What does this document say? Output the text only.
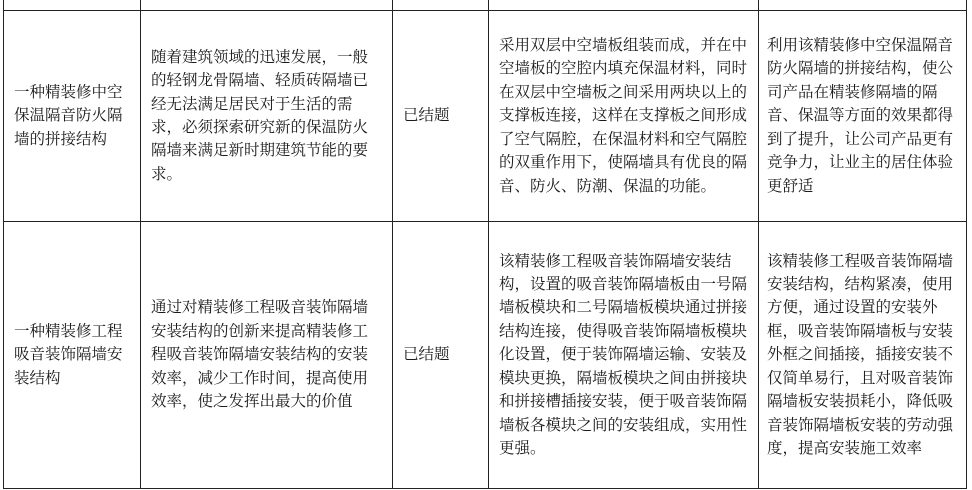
一种精装修中空保温隔音防火隔墙的拼接结构	随着建筑领域的迅速发展，一般的轻钢龙骨隔墙、轻质砖隔墙已经无法满足居民对于生活的需求，必须探索研究新的保温防火隔墙来满足新时期建筑节能的要求。	已结题	采用双层中空墙板组装而成，并在中空墙板的空腔内填充保温材料，同时在双层中空墙板之间采用两块以上的支撑板连接，这样在支撑板之间形成了空气隔腔，在保温材料和空气隔腔的双重作用下，使隔墙具有优良的隔音、防火、防潮、保温的功能。	利用该精装修中空保温隔音防火隔墙的拼接结构，使公司产品在精装修隔墙的隔音、保温等方面的效果都得到了提升，让公司产品更有竞争力，让业主的居住体验更舒适

一种精装修工程吸音装饰隔墙安装结构	通过对精装修工程吸音装饰隔墙安装结构的创新来提高精装修工程吸音装饰隔墙安装结构的安装效率，减少工作时间，提高使用效率，使之发挥出最大的价值	已结题	该精装修工程吸音装饰隔墙安装结构，设置的吸音装饰隔墙板由一号隔墙板模块和二号隔墙板模块通过拼接结构连接，使得吸音装饰隔墙板模块化设置，便于装饰隔墙运输、安装及模块更换，隔墙板模块之间由拼接块和拼接槽插接安装，便于吸音装饰隔墙板各模块之间的安装组成，实用性更强。	该精装修工程吸音装饰隔墙安装结构，结构紧凑，使用方便，通过设置的安装外框，吸音装饰隔墙板与安装外框之间插接，插接安装不仅简单易行，且对吸音装饰隔墙板安装损耗小，降低吸音装饰隔墙板安装的劳动强度，提高安装施工效率
